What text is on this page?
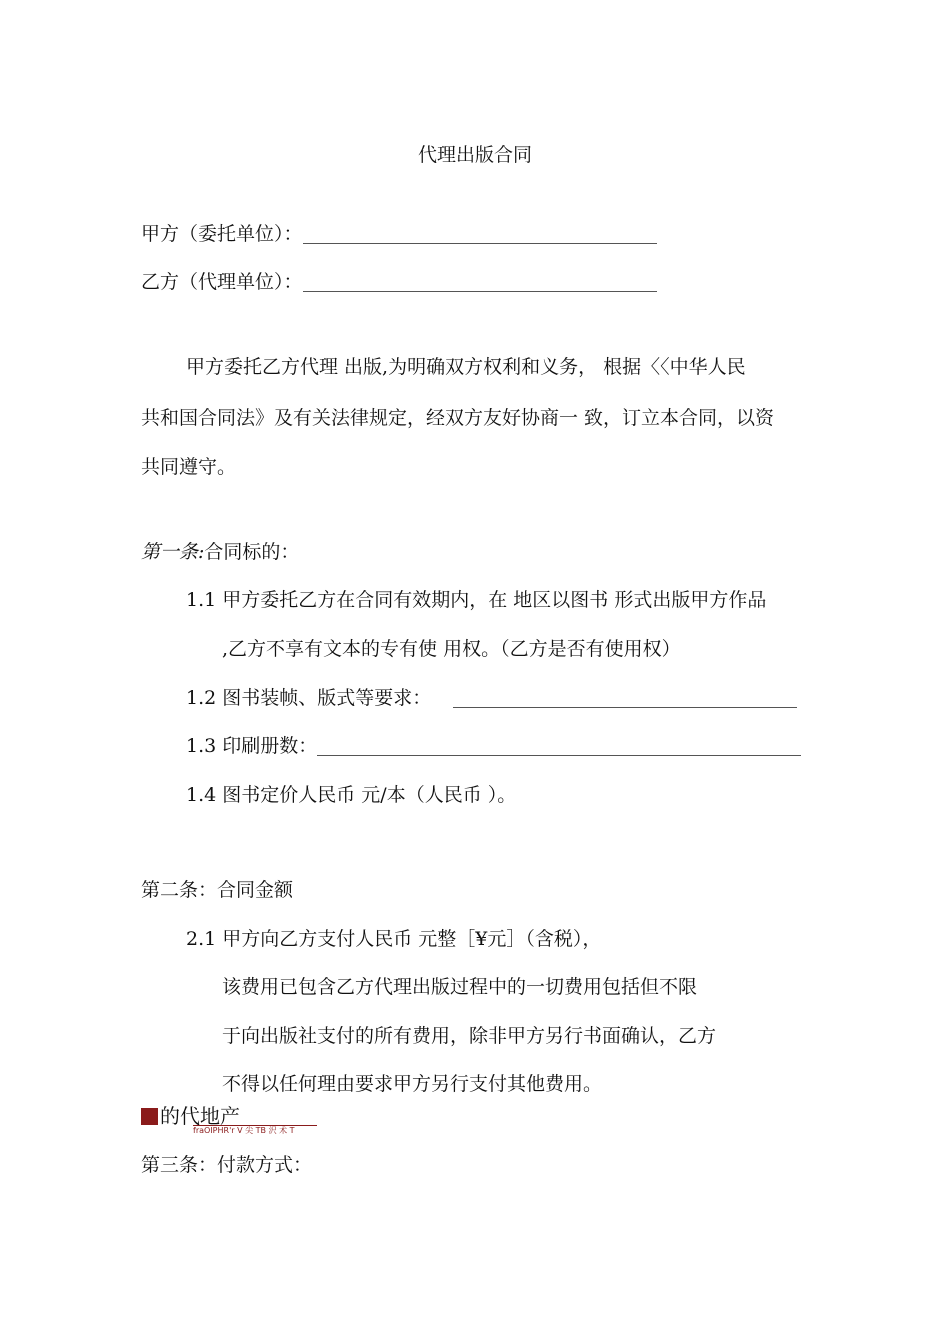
代理出版合同
甲方（委托单位）：
乙方（代理单位）：
甲方委托乙方代理 出版,为明确双方权利和义务， 根据〈〈中华人民
共和国合同法》及有关法律规定，经双方友好协商一 致，订立本合同，以资
共同遵守。
第一条:合同标的：
1.1 甲方委托乙方在合同有效期内，在 地区以图书 形式出版甲方作品
,乙方不享有文本的专有使 用权。（乙方是否有使用权）
1.2 图书装帧、版式等要求：
1.3 印刷册数：
1.4 图书定价人民币 元/本（人民币 ）。
第二条：合同金额
2.1 甲方向乙方支付人民币 元整［¥元］（含税），
该费用已包含乙方代理出版过程中的一切费用包括但不限
于向出版社支付的所有费用，除非甲方另行书面确认，乙方
不得以任何理由要求甲方另行支付其他费用。
的代地产
fraOIPHR'r V 尖 TB 沢 术 T
第三条：付款方式：
